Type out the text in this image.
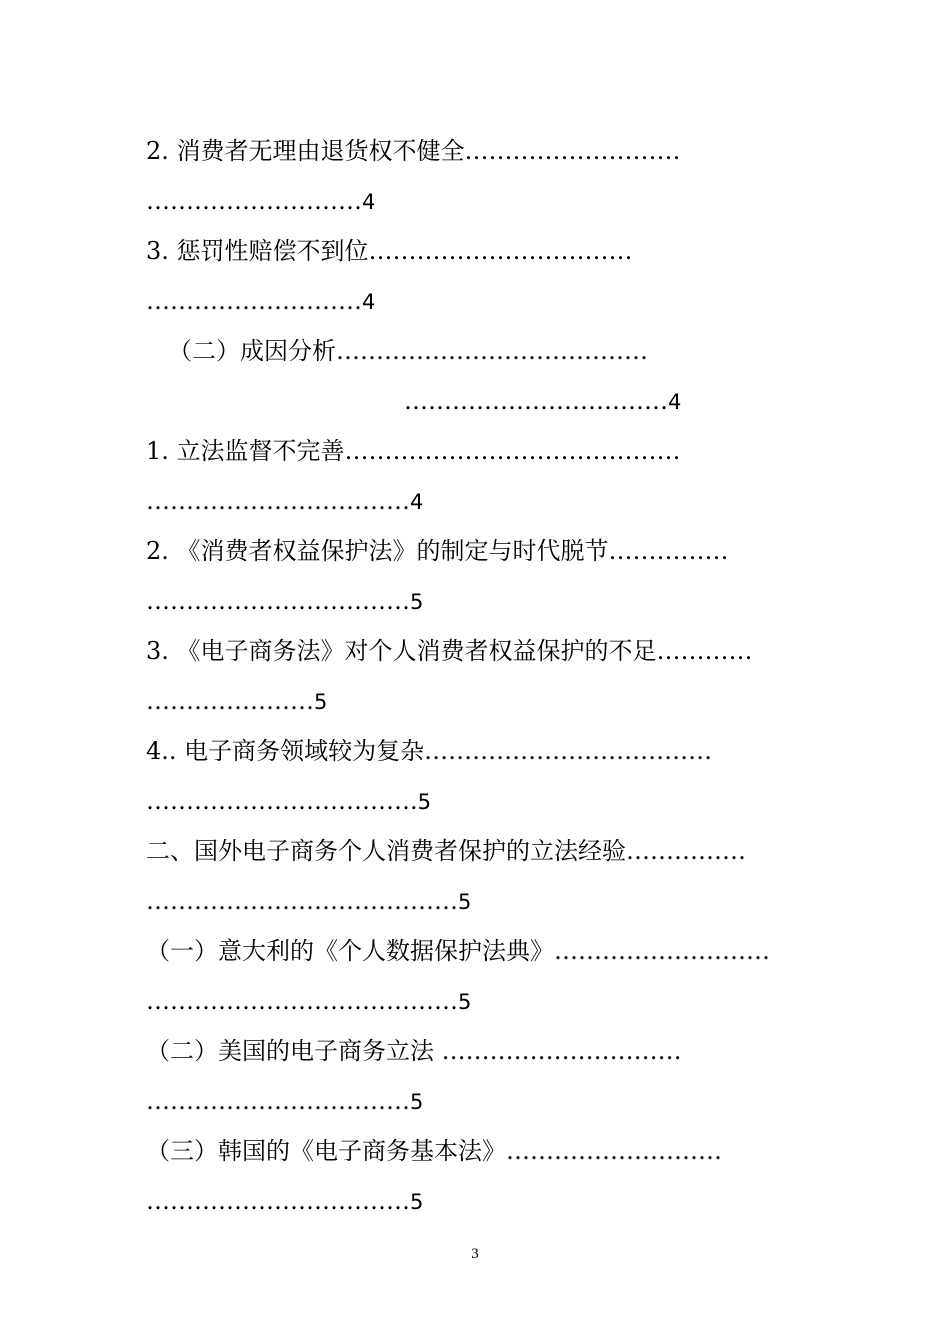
2. 消费者无理由退货权不健全………………………
………………………4
3. 惩罚性赔偿不到位……………………………
………………………4
（二）成因分析…………………………………
……………………………4
1. 立法监督不完善……………………………………
……………………………4
2. 《消费者权益保护法》的制定与时代脱节……………
……………………………5
3. 《电子商务法》对个人消费者权益保护的不足…………
…………………5
4.. 电子商务领域较为复杂………………………………
…………………………….5
二、国外电子商务个人消费者保护的立法经验……………
…………………………………5
（一）意大利的《个人数据保护法典》………………………
…………………………………5
（二）美国的电子商务立法 …………………………
……………………………5
（三）韩国的《电子商务基本法》………………………
……………………………5
3
